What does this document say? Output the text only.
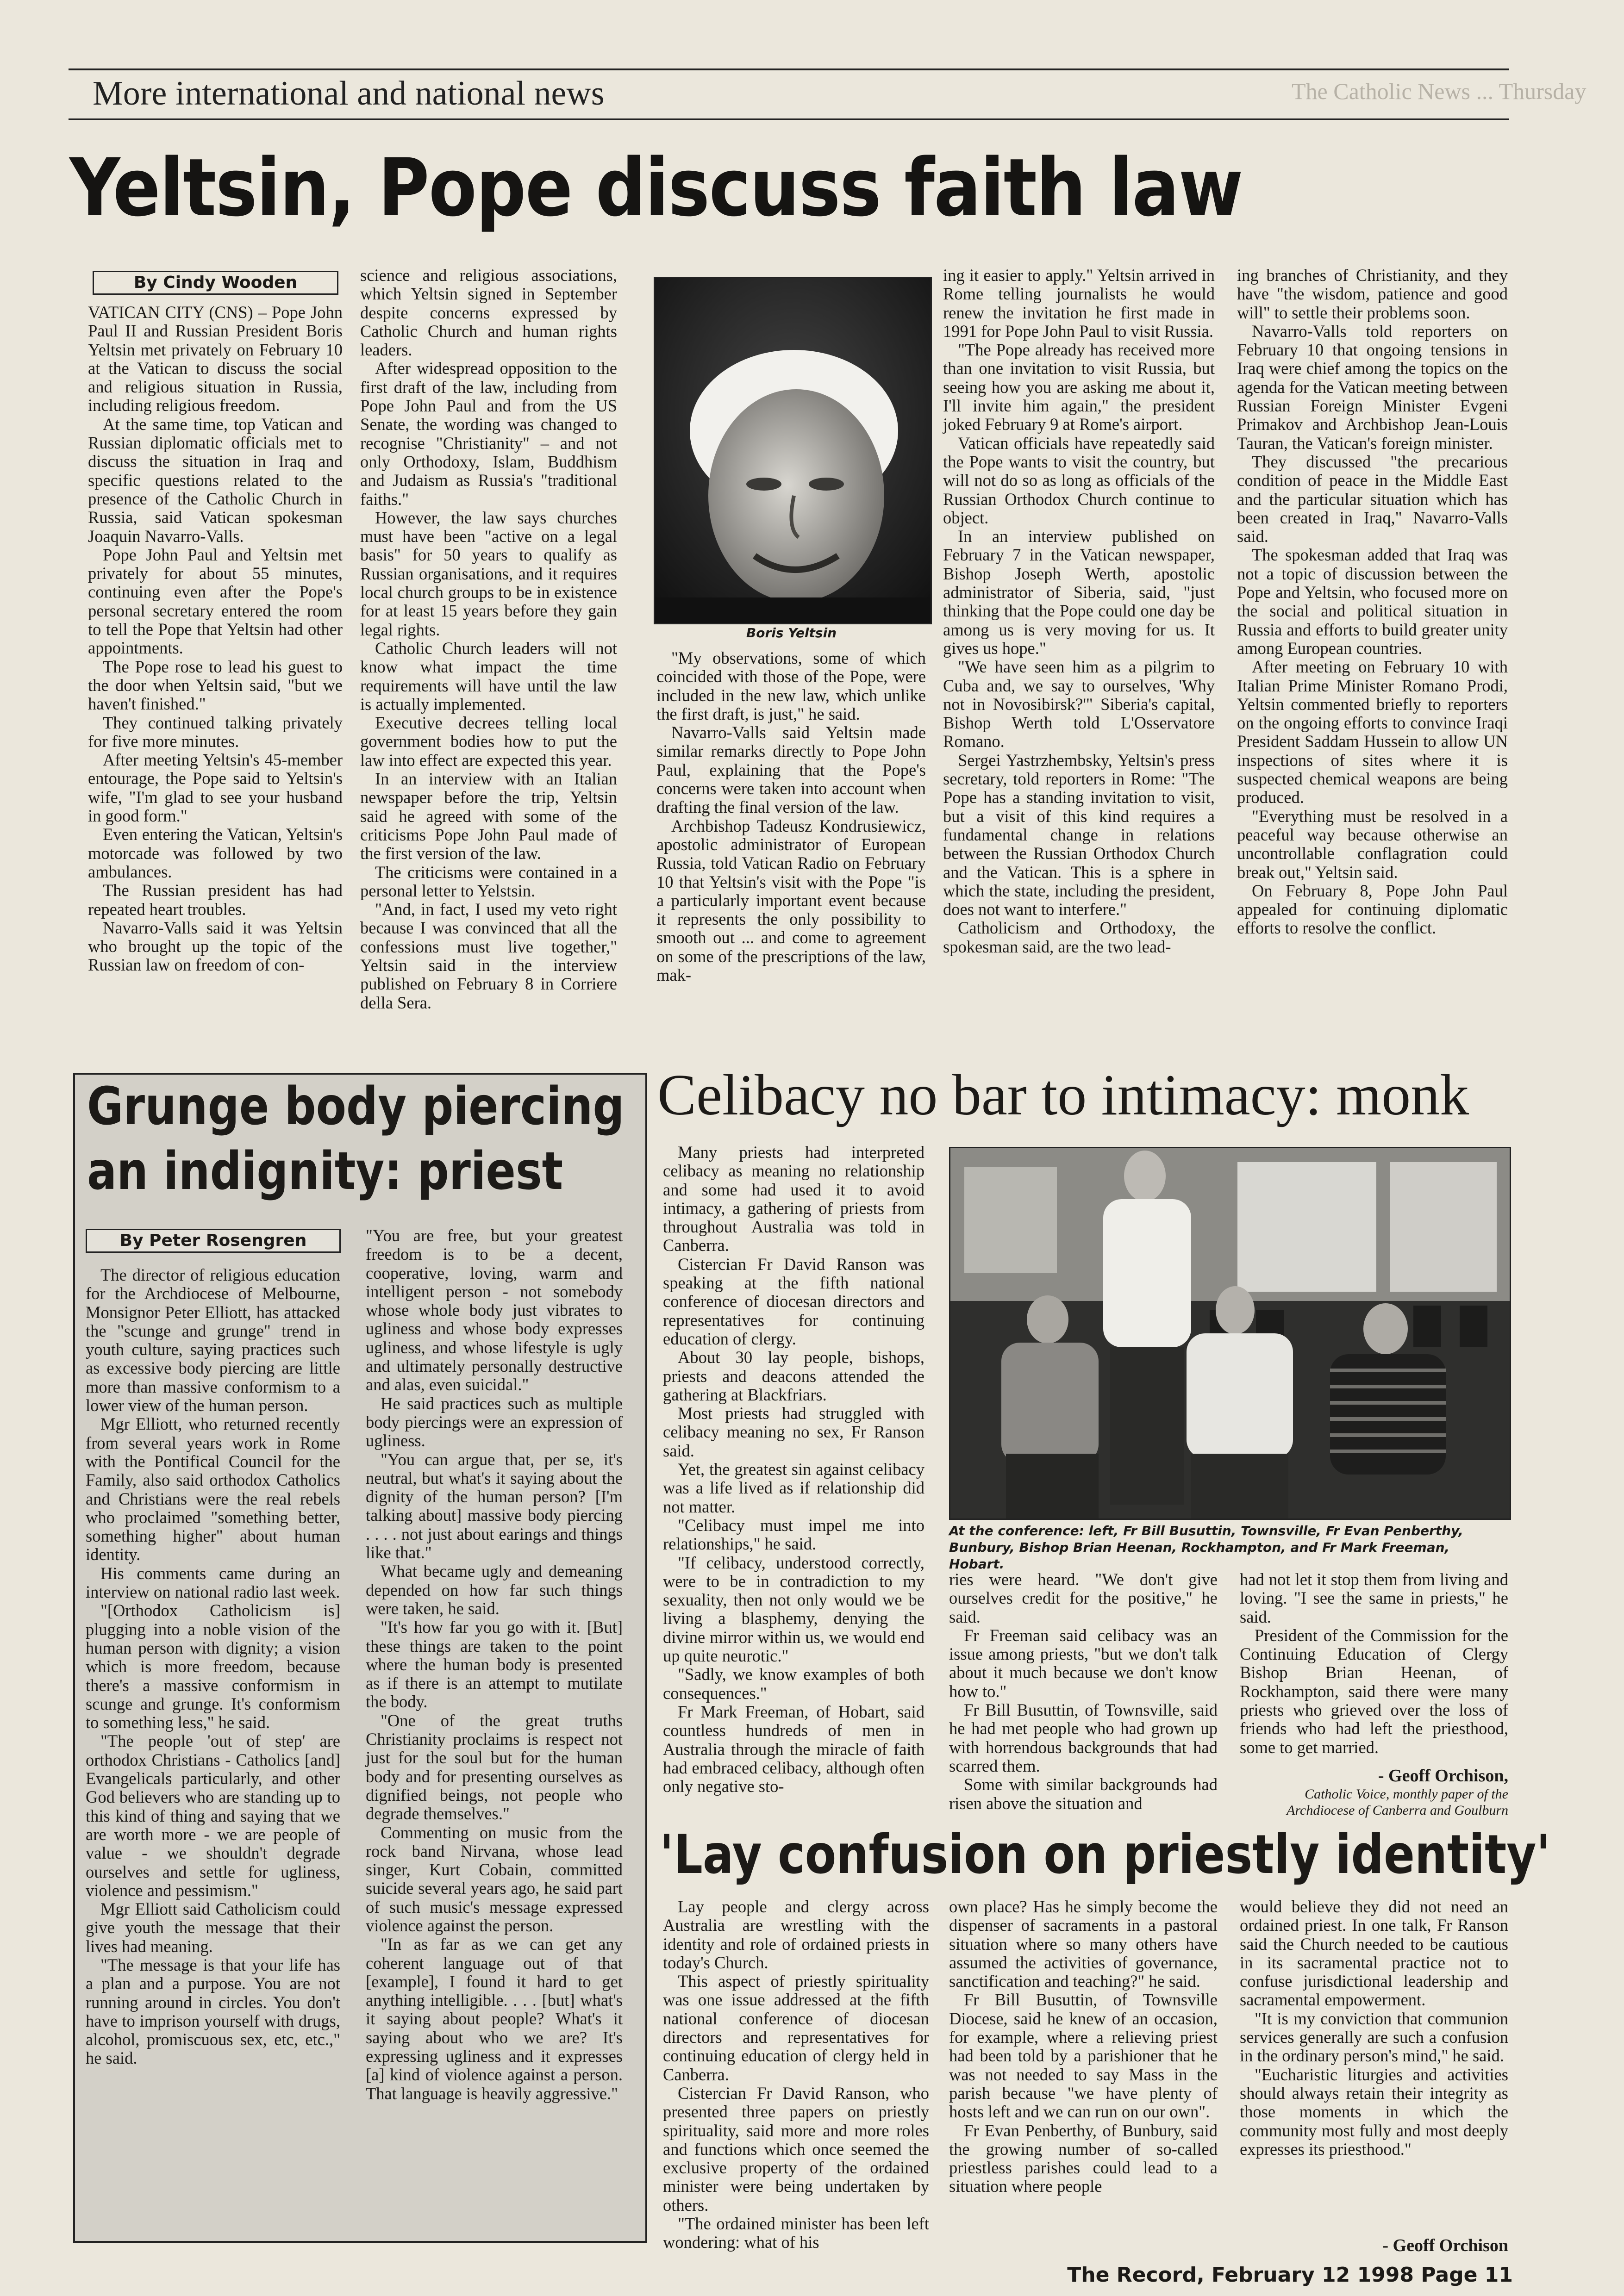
More international and national news	The Catholic News ... Thursday
Yeltsin, Pope discuss faith law
By Cindy Wooden

VATICAN CITY (CNS) – Pope John Paul II and Russian President Boris Yeltsin met privately on February 10 at the Vatican to discuss the social and religious situation in Russia, including religious freedom.

At the same time, top Vatican and Russian diplomatic officials met to discuss the situation in Iraq and specific questions related to the presence of the Catholic Church in Russia, said Vatican spokesman Joaquin Navarro-Valls.

Pope John Paul and Yeltsin met privately for about 55 minutes, continuing even after the Pope's personal secretary entered the room to tell the Pope that Yeltsin had other appointments.

The Pope rose to lead his guest to the door when Yeltsin said, "but we haven't finished."

They continued talking privately for five more minutes.

After meeting Yeltsin's 45-member entourage, the Pope said to Yeltsin's wife, "I'm glad to see your husband in good form."

Even entering the Vatican, Yeltsin's motorcade was followed by two ambulances.

The Russian president has had repeated heart troubles.

Navarro-Valls said it was Yeltsin who brought up the topic of the Russian law on freedom of con-

science and religious associations, which Yeltsin signed in September despite concerns expressed by Catholic Church and human rights leaders.

After widespread opposition to the first draft of the law, including from Pope John Paul and from the US Senate, the wording was changed to recognise "Christianity" – and not only Orthodoxy, Islam, Buddhism and Judaism as Russia's "traditional faiths."

However, the law says churches must have been "active on a legal basis" for 50 years to qualify as Russian organisations, and it requires local church groups to be in existence for at least 15 years before they gain legal rights.

Catholic Church leaders will not know what impact the time requirements will have until the law is actually implemented.

Executive decrees telling local government bodies how to put the law into effect are expected this year.

In an interview with an Italian newspaper before the trip, Yeltsin said he agreed with some of the criticisms Pope John Paul made of the first version of the law.

The criticisms were contained in a personal letter to Yelstsin.

"And, in fact, I used my veto right because I was convinced that all the confessions must live together," Yeltsin said in the interview published on February 8 in Corriere della Sera.

Boris Yeltsin

"My observations, some of which coincided with those of the Pope, were included in the new law, which unlike the first draft, is just," he said.

Navarro-Valls said Yeltsin made similar remarks directly to Pope John Paul, explaining that the Pope's concerns were taken into account when drafting the final version of the law.

Archbishop Tadeusz Kondrusiewicz, apostolic administrator of European Russia, told Vatican Radio on February 10 that Yeltsin's visit with the Pope "is a particularly important event because it represents the only possibility to smooth out ... and come to agreement on some of the prescriptions of the law, mak-

ing it easier to apply." Yeltsin arrived in Rome telling journalists he would renew the invitation he first made in 1991 for Pope John Paul to visit Russia.

"The Pope already has received more than one invitation to visit Russia, but seeing how you are asking me about it, I'll invite him again," the president joked February 9 at Rome's airport.

Vatican officials have repeatedly said the Pope wants to visit the country, but will not do so as long as officials of the Russian Orthodox Church continue to object.

In an interview published on February 7 in the Vatican newspaper, Bishop Joseph Werth, apostolic administrator of Siberia, said, "just thinking that the Pope could one day be among us is very moving for us. It gives us hope."

"We have seen him as a pilgrim to Cuba and, we say to ourselves, 'Why not in Novosibirsk?'" Siberia's capital, Bishop Werth told L'Osservatore Romano.

Sergei Yastrzhembsky, Yeltsin's press secretary, told reporters in Rome: "The Pope has a standing invitation to visit, but a visit of this kind requires a fundamental change in relations between the Russian Orthodox Church and the Vatican. This is a sphere in which the state, including the president, does not want to interfere."

Catholicism and Orthodoxy, the spokesman said, are the two lead-

ing branches of Christianity, and they have "the wisdom, patience and good will" to settle their problems soon.

Navarro-Valls told reporters on February 10 that ongoing tensions in Iraq were chief among the topics on the agenda for the Vatican meeting between Russian Foreign Minister Evgeni Primakov and Archbishop Jean-Louis Tauran, the Vatican's foreign minister.

They discussed "the precarious condition of peace in the Middle East and the particular situation which has been created in Iraq," Navarro-Valls said.

The spokesman added that Iraq was not a topic of discussion between the Pope and Yeltsin, who focused more on the social and political situation in Russia and efforts to build greater unity among European countries.

After meeting on February 10 with Italian Prime Minister Romano Prodi, Yeltsin commented briefly to reporters on the ongoing efforts to convince Iraqi President Saddam Hussein to allow UN inspections of sites where it is suspected chemical weapons are being produced.

"Everything must be resolved in a peaceful way because otherwise an uncontrollable conflagration could break out," Yeltsin said.

On February 8, Pope John Paul appealed for continuing diplomatic efforts to resolve the conflict.

Grunge body piercing
an indignity: priest
By Peter Rosengren

The director of religious education for the Archdiocese of Melbourne, Monsignor Peter Elliott, has attacked the "scunge and grunge" trend in youth culture, saying practices such as excessive body piercing are little more than massive conformism to a lower view of the human person.

Mgr Elliott, who returned recently from several years work in Rome with the Pontifical Council for the Family, also said orthodox Catholics and Christians were the real rebels who proclaimed "something better, something higher" about human identity.

His comments came during an interview on national radio last week.

"[Orthodox Catholicism is] plugging into a noble vision of the human person with dignity; a vision which is more freedom, because there's a massive conformism in scunge and grunge. It's conformism to something less," he said.

"The people 'out of step' are orthodox Christians - Catholics [and] Evangelicals particularly, and other God believers who are standing up to this kind of thing and saying that we are worth more - we are people of value - we shouldn't degrade ourselves and settle for ugliness, violence and pessimism."

Mgr Elliott said Catholicism could give youth the message that their lives had meaning.

"The message is that your life has a plan and a purpose. You are not running around in circles. You don't have to imprison yourself with drugs, alcohol, promiscuous sex, etc, etc.," he said.

"You are free, but your greatest freedom is to be a decent, cooperative, loving, warm and intelligent person - not somebody whose whole body just vibrates to ugliness and whose body expresses ugliness, and whose lifestyle is ugly and ultimately personally destructive and alas, even suicidal."

He said practices such as multiple body piercings were an expression of ugliness.

"You can argue that, per se, it's neutral, but what's it saying about the dignity of the human person? [I'm talking about] massive body piercing . . . . not just about earings and things like that."

What became ugly and demeaning depended on how far such things were taken, he said.

"It's how far you go with it. [But] these things are taken to the point where the human body is presented as if there is an attempt to mutilate the body.

"One of the great truths Christianity proclaims is respect not just for the soul but for the human body and for presenting ourselves as dignified beings, not people who degrade themselves."

Commenting on music from the rock band Nirvana, whose lead singer, Kurt Cobain, committed suicide several years ago, he said part of such music's message expressed violence against the person.

"In as far as we can get any coherent language out of that [example], I found it hard to get anything intelligible. . . . [but] what's it saying about people? What's it saying about who we are? It's expressing ugliness and it expresses [a] kind of violence against a person. That language is heavily aggressive."

Celibacy no bar to intimacy: monk

Many priests had interpreted celibacy as meaning no relationship and some had used it to avoid intimacy, a gathering of priests from throughout Australia was told in Canberra.

Cistercian Fr David Ranson was speaking at the fifth national conference of diocesan directors and representatives for continuing education of clergy.

About 30 lay people, bishops, priests and deacons attended the gathering at Blackfriars.

Most priests had struggled with celibacy meaning no sex, Fr Ranson said.

Yet, the greatest sin against celibacy was a life lived as if relationship did not matter.

"Celibacy must impel me into relationships," he said.

"If celibacy, understood correctly, were to be in contradiction to my sexuality, then not only would we be living a blasphemy, denying the divine mirror within us, we would end up quite neurotic."

"Sadly, we know examples of both consequences."

Fr Mark Freeman, of Hobart, said countless hundreds of men in Australia through the miracle of faith had embraced celibacy, although often only negative sto-

At the conference: left, Fr Bill Busuttin, Townsville, Fr Evan Penberthy, Bunbury, Bishop Brian Heenan, Rockhampton, and Fr Mark Freeman, Hobart.

ries were heard. "We don't give ourselves credit for the positive," he said.

Fr Freeman said celibacy was an issue among priests, "but we don't talk about it much because we don't know how to."

Fr Bill Busuttin, of Townsville, said he had met people who had grown up with horrendous backgrounds that had scarred them.

Some with similar backgrounds had risen above the situation and

had not let it stop them from living and loving. "I see the same in priests," he said.

President of the Commission for the Continuing Education of Clergy Bishop Brian Heenan, of Rockhampton, said there were many priests who grieved over the loss of friends who had left the priesthood, some to get married.

- Geoff Orchison,
Catholic Voice, monthly paper of the
Archdiocese of Canberra and Goulburn
'Lay confusion on priestly identity'

Lay people and clergy across Australia are wrestling with the identity and role of ordained priests in today's Church.

This aspect of priestly spirituality was one issue addressed at the fifth national conference of diocesan directors and representatives for continuing education of clergy held in Canberra.

Cistercian Fr David Ranson, who presented three papers on priestly spirituality, said more and more roles and functions which once seemed the exclusive property of the ordained minister were being undertaken by others.

"The ordained minister has been left wondering: what of his

own place? Has he simply become the dispenser of sacraments in a pastoral situation where so many others have assumed the activities of governance, sanctification and teaching?" he said.

Fr Bill Busuttin, of Townsville Diocese, said he knew of an occasion, for example, where a relieving priest had been told by a parishioner that he was not needed to say Mass in the parish because "we have plenty of hosts left and we can run on our own".

Fr Evan Penberthy, of Bunbury, said the growing number of so-called priestless parishes could lead to a situation where people

would believe they did not need an ordained priest. In one talk, Fr Ranson said the Church needed to be cautious in its sacramental practice not to confuse jurisdictional leadership and sacramental empowerment.

"It is my conviction that communion services generally are such a confusion in the ordinary person's mind," he said.

"Eucharistic liturgies and activities should always retain their integrity as those moments in which the community most fully and most deeply expresses its priesthood."

- Geoff Orchison
The Record, February 12 1998 Page 11
